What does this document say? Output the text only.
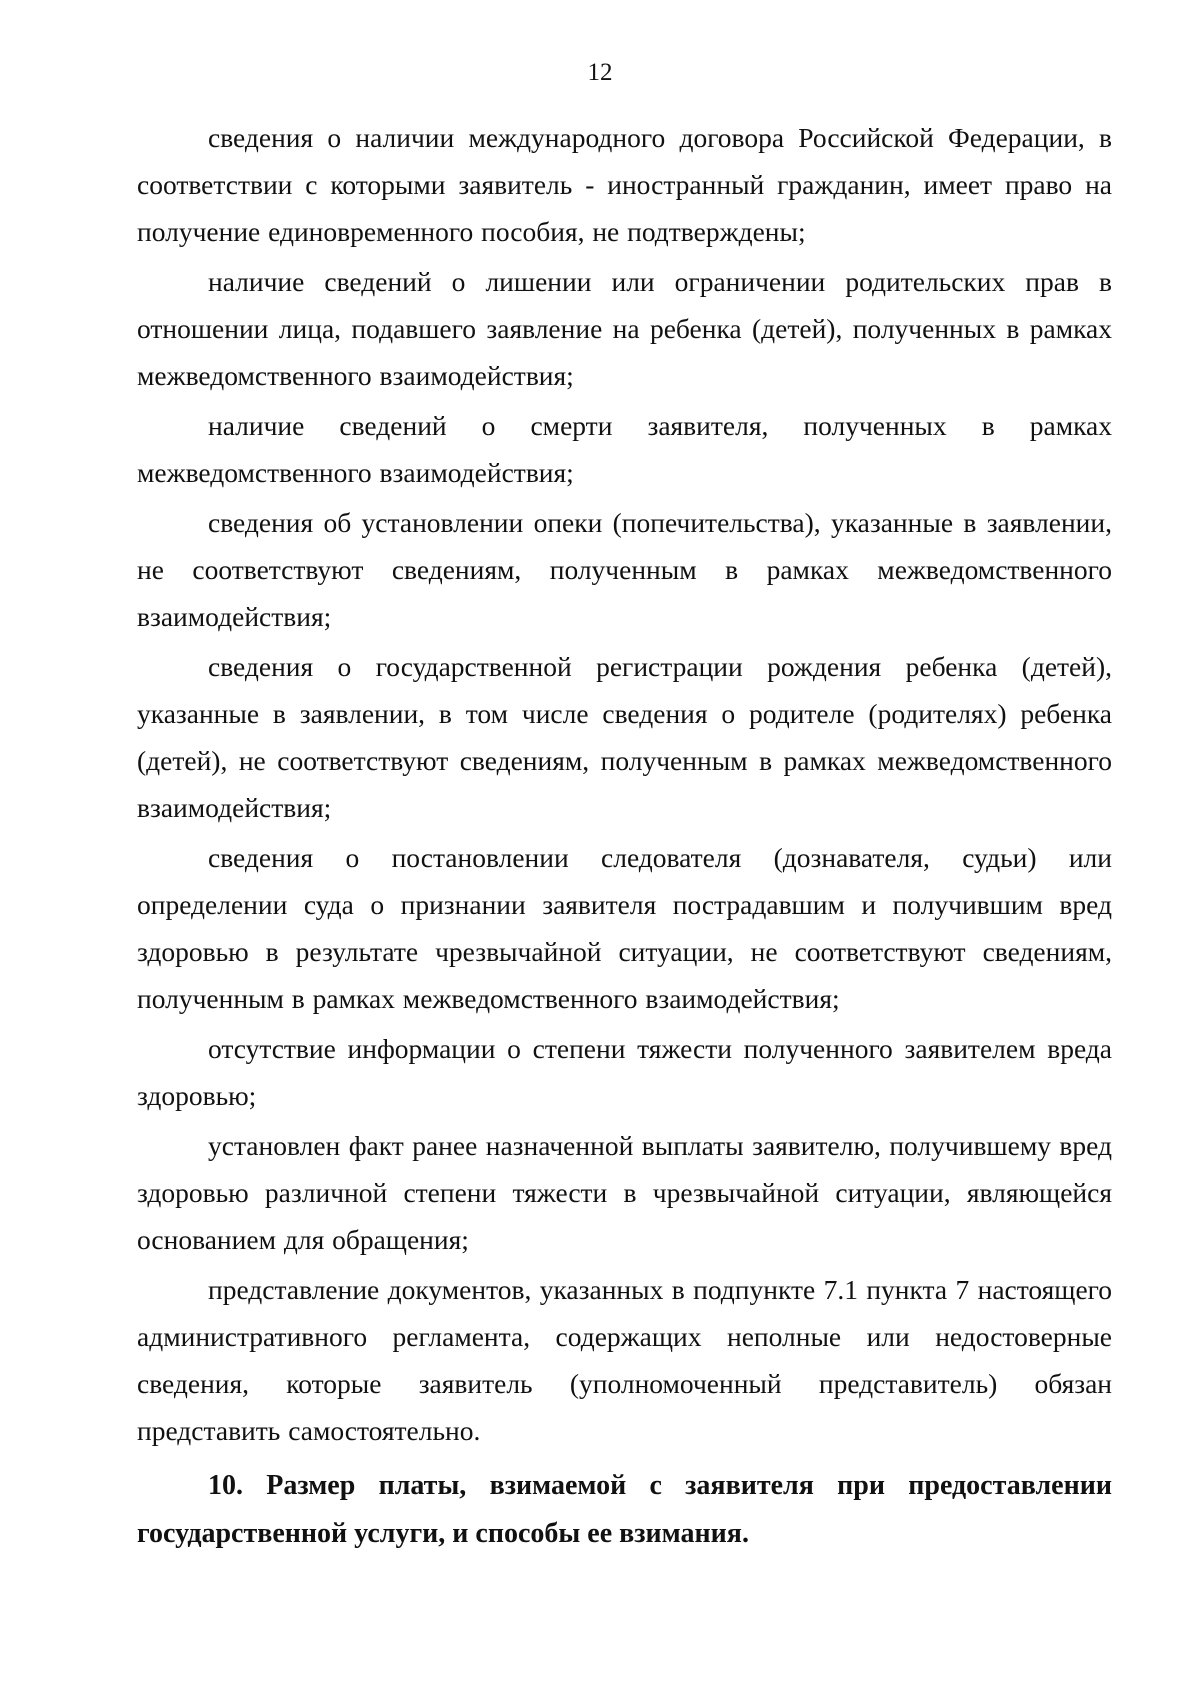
12

сведения о наличии международного договора Российской Федерации, в соответствии с которыми заявитель - иностранный гражданин, имеет право на получение единовременного пособия, не подтверждены;

наличие сведений о лишении или ограничении родительских прав в отношении лица, подавшего заявление на ребенка (детей), полученных в рамках межведомственного взаимодействия;

наличие сведений о смерти заявителя, полученных в рамках межведомственного взаимодействия;

сведения об установлении опеки (попечительства), указанные в заявлении, не соответствуют сведениям, полученным в рамках межведомственного взаимодействия;

сведения о государственной регистрации рождения ребенка (детей), указанные в заявлении, в том числе сведения о родителе (родителях) ребенка (детей), не соответствуют сведениям, полученным в рамках межведомственного взаимодействия;

сведения о постановлении следователя (дознавателя, судьи) или определении суда о признании заявителя пострадавшим и получившим вред здоровью в результате чрезвычайной ситуации, не соответствуют сведениям, полученным в рамках межведомственного взаимодействия;

отсутствие информации о степени тяжести полученного заявителем вреда здоровью;

установлен факт ранее назначенной выплаты заявителю, получившему вред здоровью различной степени тяжести в чрезвычайной ситуации, являющейся основанием для обращения;

представление документов, указанных в подпункте 7.1 пункта 7 настоящего административного регламента, содержащих неполные или недостоверные сведения, которые заявитель (уполномоченный представитель) обязан представить самостоятельно.

10. Размер платы, взимаемой с заявителя при предоставлении государственной услуги, и способы ее взимания.
